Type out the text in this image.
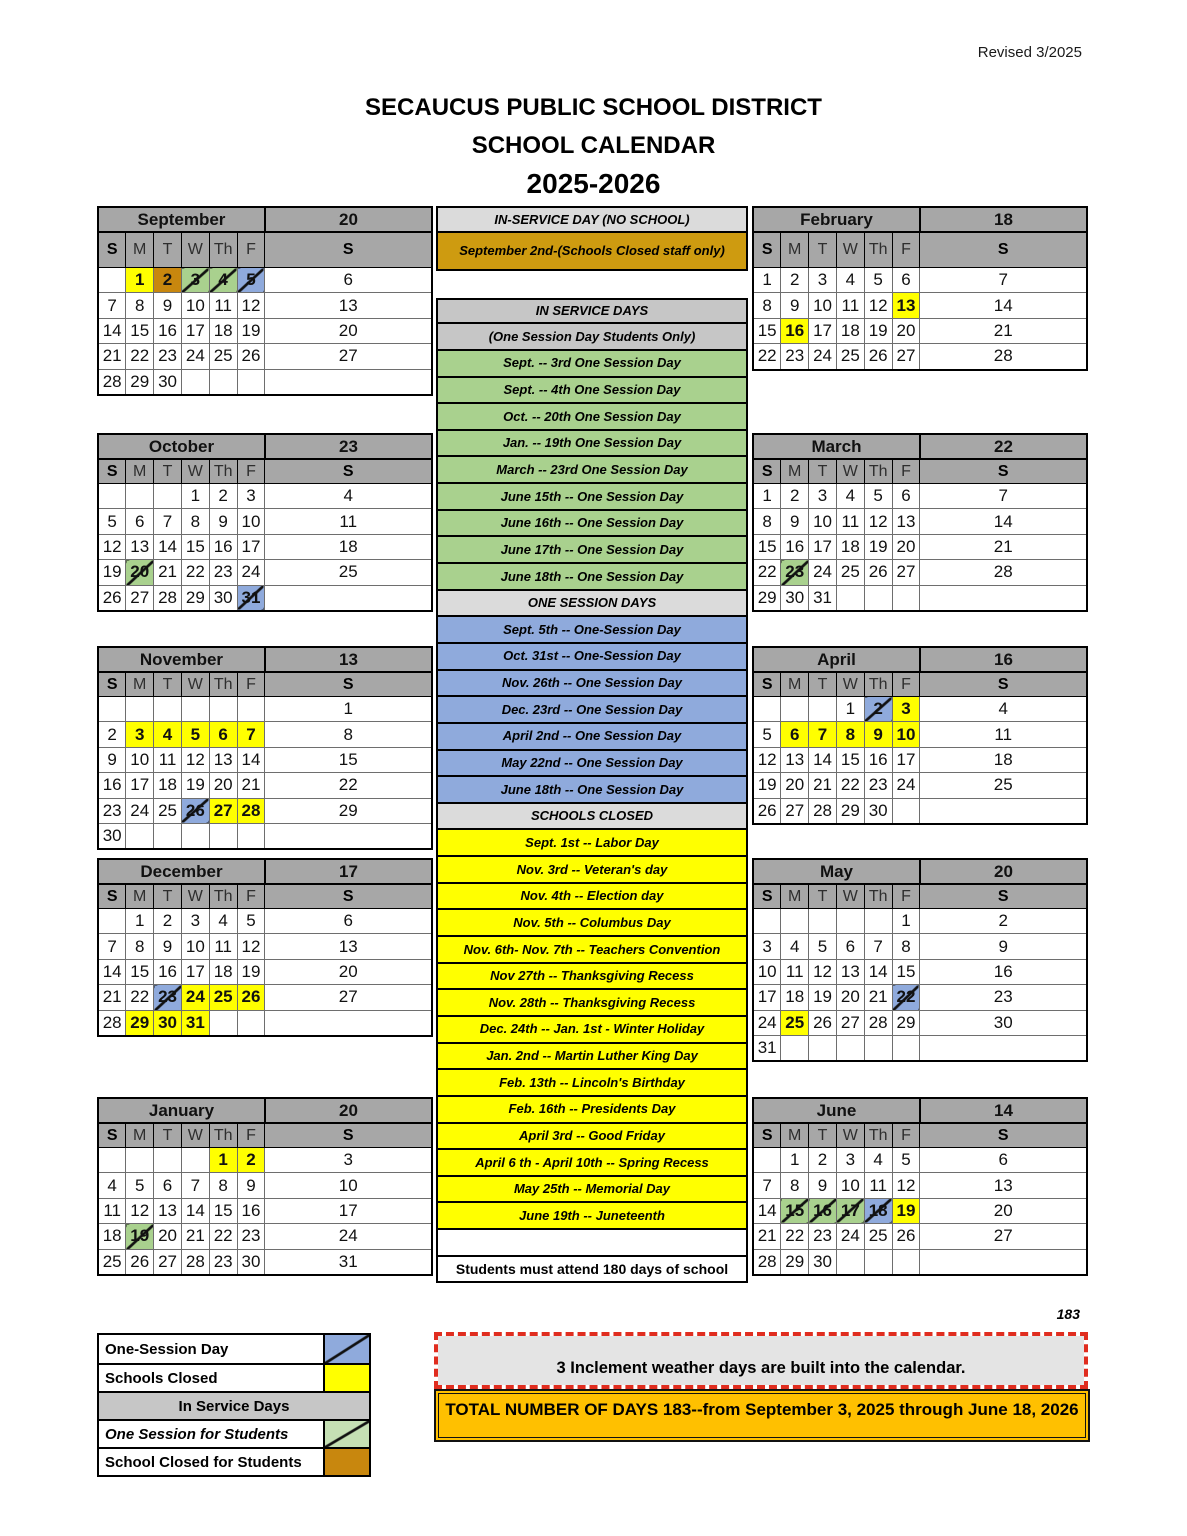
Revised 3/2025
SECAUCUS PUBLIC SCHOOL DISTRICT
SCHOOL CALENDAR
2025-2026
IN-SERVICE DAY (NO SCHOOL)
September 2nd-(Schools Closed staff only)
IN SERVICE DAYS
(One Session Day Students Only)
Sept. -- 3rd One Session Day
Sept. -- 4th One Session Day
Oct. -- 20th One Session Day
Jan. -- 19th One Session Day
March -- 23rd One Session Day
June 15th -- One Session Day
June 16th -- One Session Day
June 17th -- One Session Day
June 18th -- One Session Day
ONE SESSION DAYS
Sept. 5th -- One-Session Day
Oct. 31st -- One-Session Day
Nov. 26th -- One Session Day
Dec. 23rd -- One Session Day
April 2nd -- One Session Day
May 22nd -- One Session Day
June 18th -- One Session Day
SCHOOLS CLOSED
Sept. 1st -- Labor Day
Nov. 3rd -- Veteran's day
Nov. 4th -- Election day
Nov. 5th -- Columbus Day
Nov. 6th- Nov. 7th -- Teachers Convention
Nov 27th -- Thanksgiving Recess
Nov. 28th -- Thanksgiving Recess
Dec. 24th -- Jan. 1st - Winter Holiday
Jan. 2nd -- Martin Luther King Day
Feb. 13th -- Lincoln's Birthday
Feb. 16th -- Presidents Day
April 3rd -- Good Friday
April 6 th - April 10th -- Spring Recess
May 25th -- Memorial Day
June 19th -- Juneteenth
Students must attend 180 days of school
One-Session Day
Schools Closed
In Service Days
One Session for Students
School Closed for Students
183
3 Inclement weather days are built into the calendar.
TOTAL NUMBER OF DAYS 183--from September 3, 2025 through June 18, 2026
September						20
S	M	T	W	Th	F	S
	1	2	3	4	5	6
7	8	9	10	11	12	13
14	15	16	17	18	19	20
21	22	23	24	25	26	27
28	29	30				
October						23
S	M	T	W	Th	F	S
			1	2	3	4
5	6	7	8	9	10	11
12	13	14	15	16	17	18
19	20	21	22	23	24	25
26	27	28	29	30	31	
November						13
S	M	T	W	Th	F	S
						1
2	3	4	5	6	7	8
9	10	11	12	13	14	15
16	17	18	19	20	21	22
23	24	25	26	27	28	29
30						
December						17
S	M	T	W	Th	F	S
	1	2	3	4	5	6
7	8	9	10	11	12	13
14	15	16	17	18	19	20
21	22	23	24	25	26	27
28	29	30	31			
January						20
S	M	T	W	Th	F	S
				1	2	3
4	5	6	7	8	9	10
11	12	13	14	15	16	17
18	19	20	21	22	23	24
25	26	27	28	23	30	31
February						18
S	M	T	W	Th	F	S
1	2	3	4	5	6	7
8	9	10	11	12	13	14
15	16	17	18	19	20	21
22	23	24	25	26	27	28
March						22
S	M	T	W	Th	F	S
1	2	3	4	5	6	7
8	9	10	11	12	13	14
15	16	17	18	19	20	21
22	23	24	25	26	27	28
29	30	31				
April						16
S	M	T	W	Th	F	S
			1	2	3	4
5	6	7	8	9	10	11
12	13	14	15	16	17	18
19	20	21	22	23	24	25
26	27	28	29	30		
May						20
S	M	T	W	Th	F	S
					1	2
3	4	5	6	7	8	9
10	11	12	13	14	15	16
17	18	19	20	21	22	23
24	25	26	27	28	29	30
31						
June						14
S	M	T	W	Th	F	S
	1	2	3	4	5	6
7	8	9	10	11	12	13
14	15	16	17	18	19	20
21	22	23	24	25	26	27
28	29	30				
